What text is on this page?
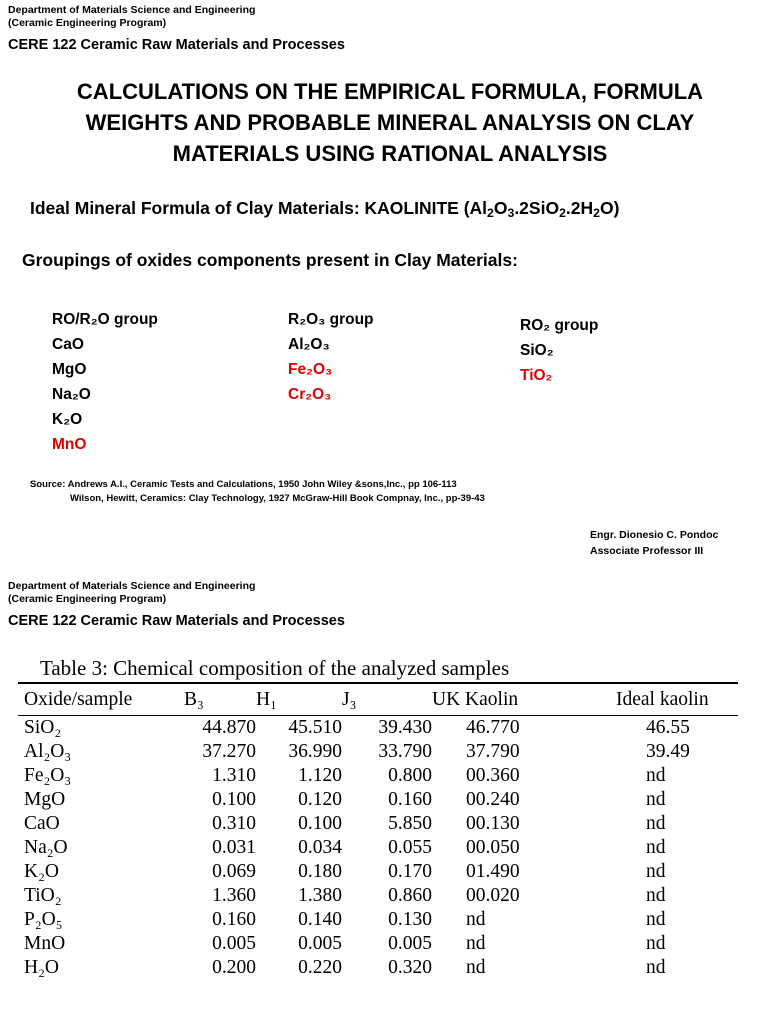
Department of Materials Science and Engineering
(Ceramic Engineering Program)
CERE 122 Ceramic Raw Materials and Processes
CALCULATIONS ON THE EMPIRICAL FORMULA, FORMULA
WEIGHTS AND PROBABLE MINERAL ANALYSIS ON CLAY
MATERIALS USING RATIONAL ANALYSIS
Ideal Mineral Formula of Clay Materials: KAOLINITE $(Al_2O_3.2SiO_2.2H_2O)$
Groupings of oxides components present in Clay Materials:
RO/R₂O group
CaO
MgO
Na₂O
K₂O
MnO
R₂O₃ group
Al₂O₃
Fe₂O₃
Cr₂O₃
RO₂ group
SiO₂
TiO₂
Source: Andrews A.I., Ceramic Tests and Calculations, 1950 John Wiley &sons,Inc., pp 106-113
Wilson, Hewitt, Ceramics: Clay Technology, 1927 McGraw-Hill Book Compnay, Inc., pp-39-43
Engr. Dionesio C. Pondoc
Associate Professor III
Department of Materials Science and Engineering
(Ceramic Engineering Program)
CERE 122 Ceramic Raw Materials and Processes
Table 3: Chemical composition of the analyzed samples
Oxide/sample	B₃	H₁	J₃	UK Kaolin	Ideal kaolin

SiO₂	44.870	45.510	39.430	46.770	46.55
Al₂O₃	37.270	36.990	33.790	37.790	39.49
Fe₂O₃	1.310	1.120	0.800	00.360	nd
MgO	0.100	0.120	0.160	00.240	nd
CaO	0.310	0.100	5.850	00.130	nd
Na₂O	0.031	0.034	0.055	00.050	nd
K₂O	0.069	0.180	0.170	01.490	nd
TiO₂	1.360	1.380	0.860	00.020	nd
P₂O₅	0.160	0.140	0.130	nd	nd
MnO	0.005	0.005	0.005	nd	nd
H₂O	0.200	0.220	0.320	nd	nd
